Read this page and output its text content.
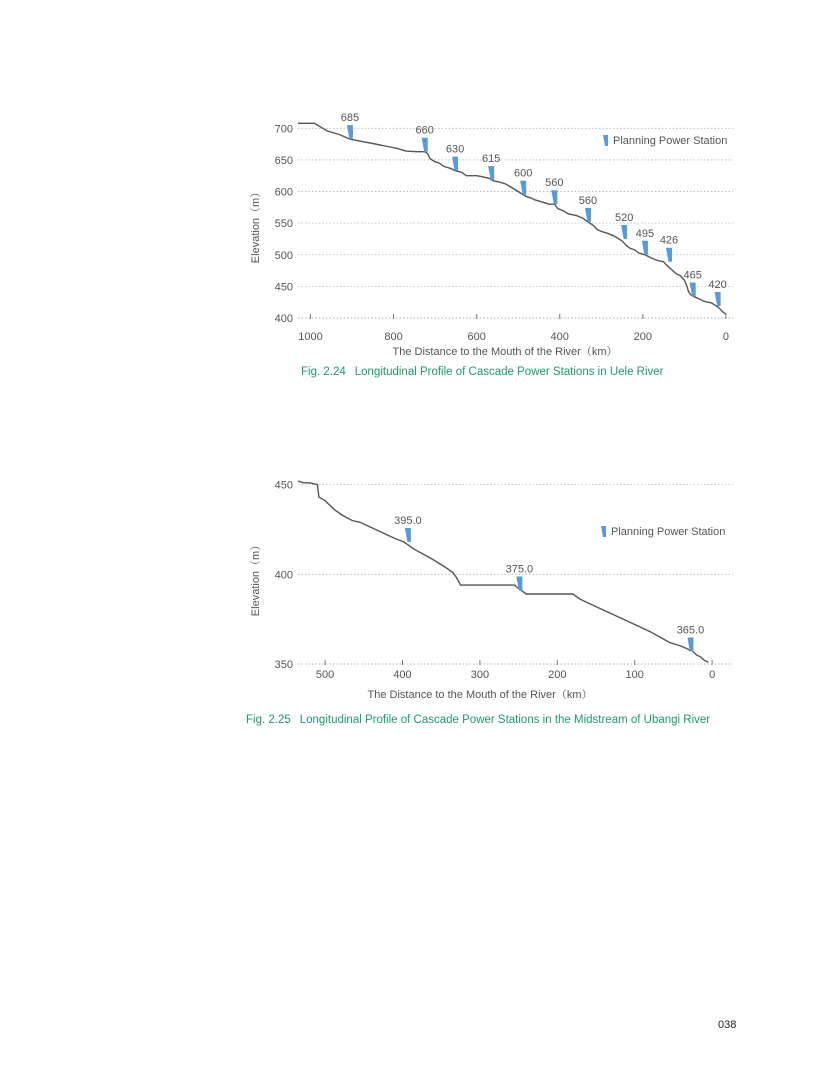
400
450
500
550
600
650
700
1000	800	600	400	200	0
685
660
630
615
600
560
560
520
495
426
465
420
Planning Power Station
Elevation（m）
The Distance to the Mouth of the River（km）
350
400
450
500	400	300	200	100	0
395.0
375.0
365.0
Planning Power Station
Elevation（m）
The Distance to the Mouth of the River（km）
Fig. 2.24 Longitudinal Profile of Cascade Power Stations in Uele River
Fig. 2.25 Longitudinal Profile of Cascade Power Stations in the Midstream of Ubangi River
038
